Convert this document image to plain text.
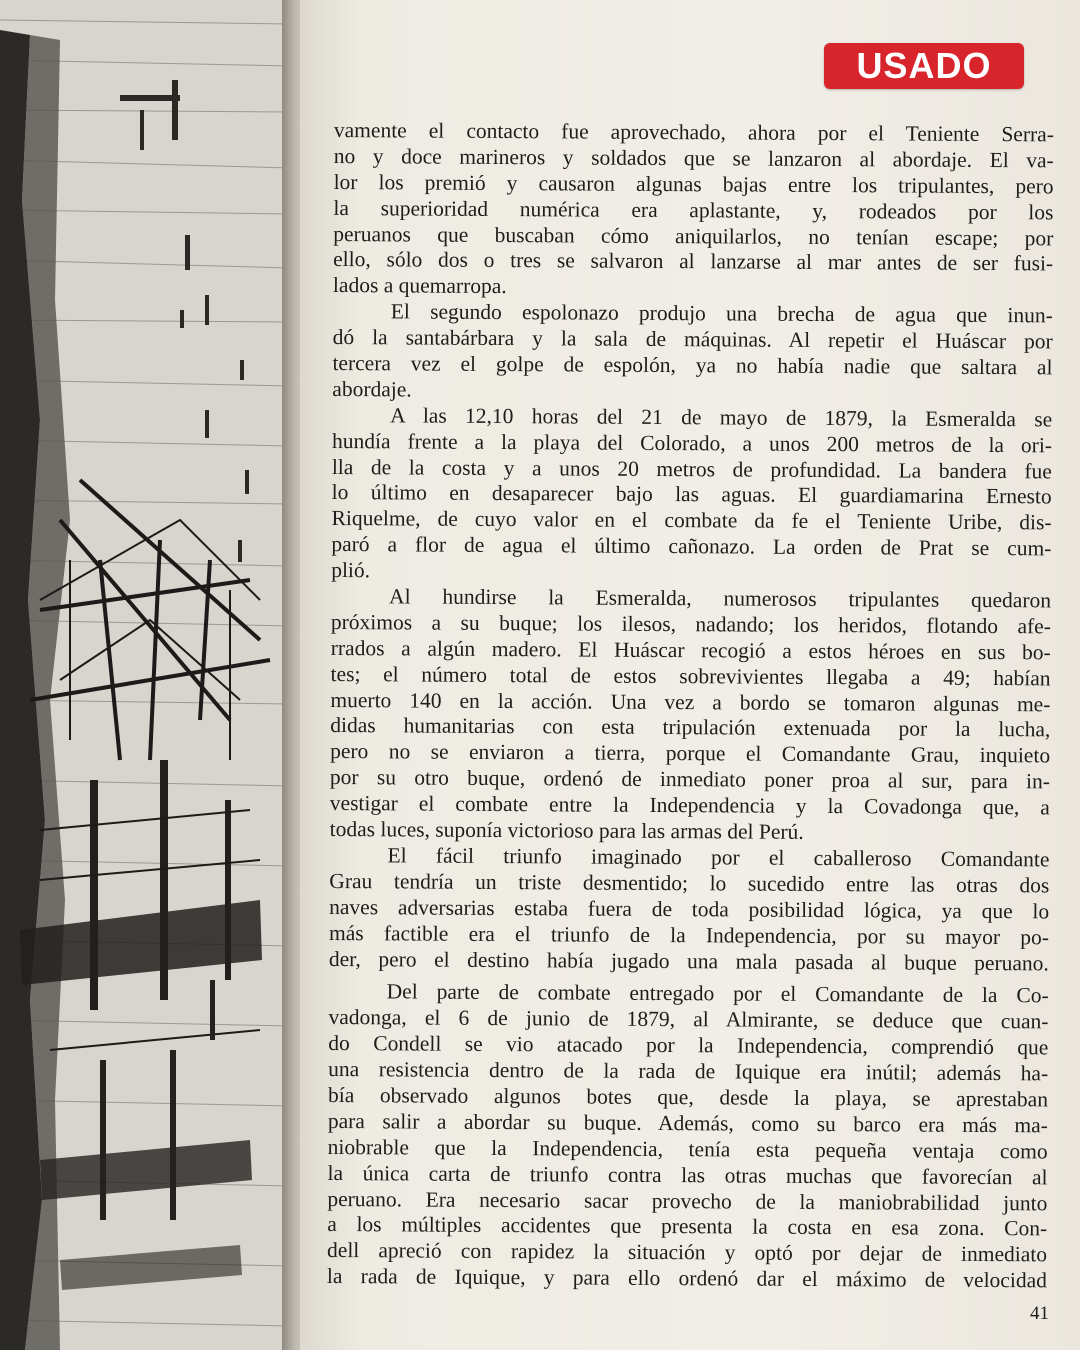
USADO
vamente el contacto fue aprovechado, ahora por el Teniente Serra-
no y doce marineros y soldados que se lanzaron al abordaje. El va-
lor los premió y causaron algunas bajas entre los tripulantes, pero
la superioridad numérica era aplastante, y, rodeados por los
peruanos que buscaban cómo aniquilarlos, no tenían escape; por
ello, sólo dos o tres se salvaron al lanzarse al mar antes de ser fusi-
lados a quemarropa.
El segundo espolonazo produjo una brecha de agua que inun-
dó la santabárbara y la sala de máquinas. Al repetir el Huáscar por
tercera vez el golpe de espolón, ya no había nadie que saltara al
abordaje.
A las 12,10 horas del 21 de mayo de 1879, la Esmeralda se
hundía frente a la playa del Colorado, a unos 200 metros de la ori-
lla de la costa y a unos 20 metros de profundidad. La bandera fue
lo último en desaparecer bajo las aguas. El guardiamarina Ernesto
Riquelme, de cuyo valor en el combate da fe el Teniente Uribe, dis-
paró a flor de agua el último cañonazo. La orden de Prat se cum-
plió.
Al hundirse la Esmeralda, numerosos tripulantes quedaron
próximos a su buque; los ilesos, nadando; los heridos, flotando afe-
rrados a algún madero. El Huáscar recogió a estos héroes en sus bo-
tes; el número total de estos sobrevivientes llegaba a 49; habían
muerto 140 en la acción. Una vez a bordo se tomaron algunas me-
didas humanitarias con esta tripulación extenuada por la lucha,
pero no se enviaron a tierra, porque el Comandante Grau, inquieto
por su otro buque, ordenó de inmediato poner proa al sur, para in-
vestigar el combate entre la Independencia y la Covadonga que, a
todas luces, suponía victorioso para las armas del Perú.
El fácil triunfo imaginado por el caballeroso Comandante
Grau tendría un triste desmentido; lo sucedido entre las otras dos
naves adversarias estaba fuera de toda posibilidad lógica, ya que lo
más factible era el triunfo de la Independencia, por su mayor po-
der, pero el destino había jugado una mala pasada al buque peruano.
Del parte de combate entregado por el Comandante de la Co-
vadonga, el 6 de junio de 1879, al Almirante, se deduce que cuan-
do Condell se vio atacado por la Independencia, comprendió que
una resistencia dentro de la rada de Iquique era inútil; además ha-
bía observado algunos botes que, desde la playa, se aprestaban
para salir a abordar su buque. Además, como su barco era más ma-
niobrable que la Independencia, tenía esta pequeña ventaja como
la única carta de triunfo contra las otras muchas que favorecían al
peruano. Era necesario sacar provecho de la maniobrabilidad junto
a los múltiples accidentes que presenta la costa en esa zona. Con-
dell apreció con rapidez la situación y optó por dejar de inmediato
la rada de Iquique, y para ello ordenó dar el máximo de velocidad
41
